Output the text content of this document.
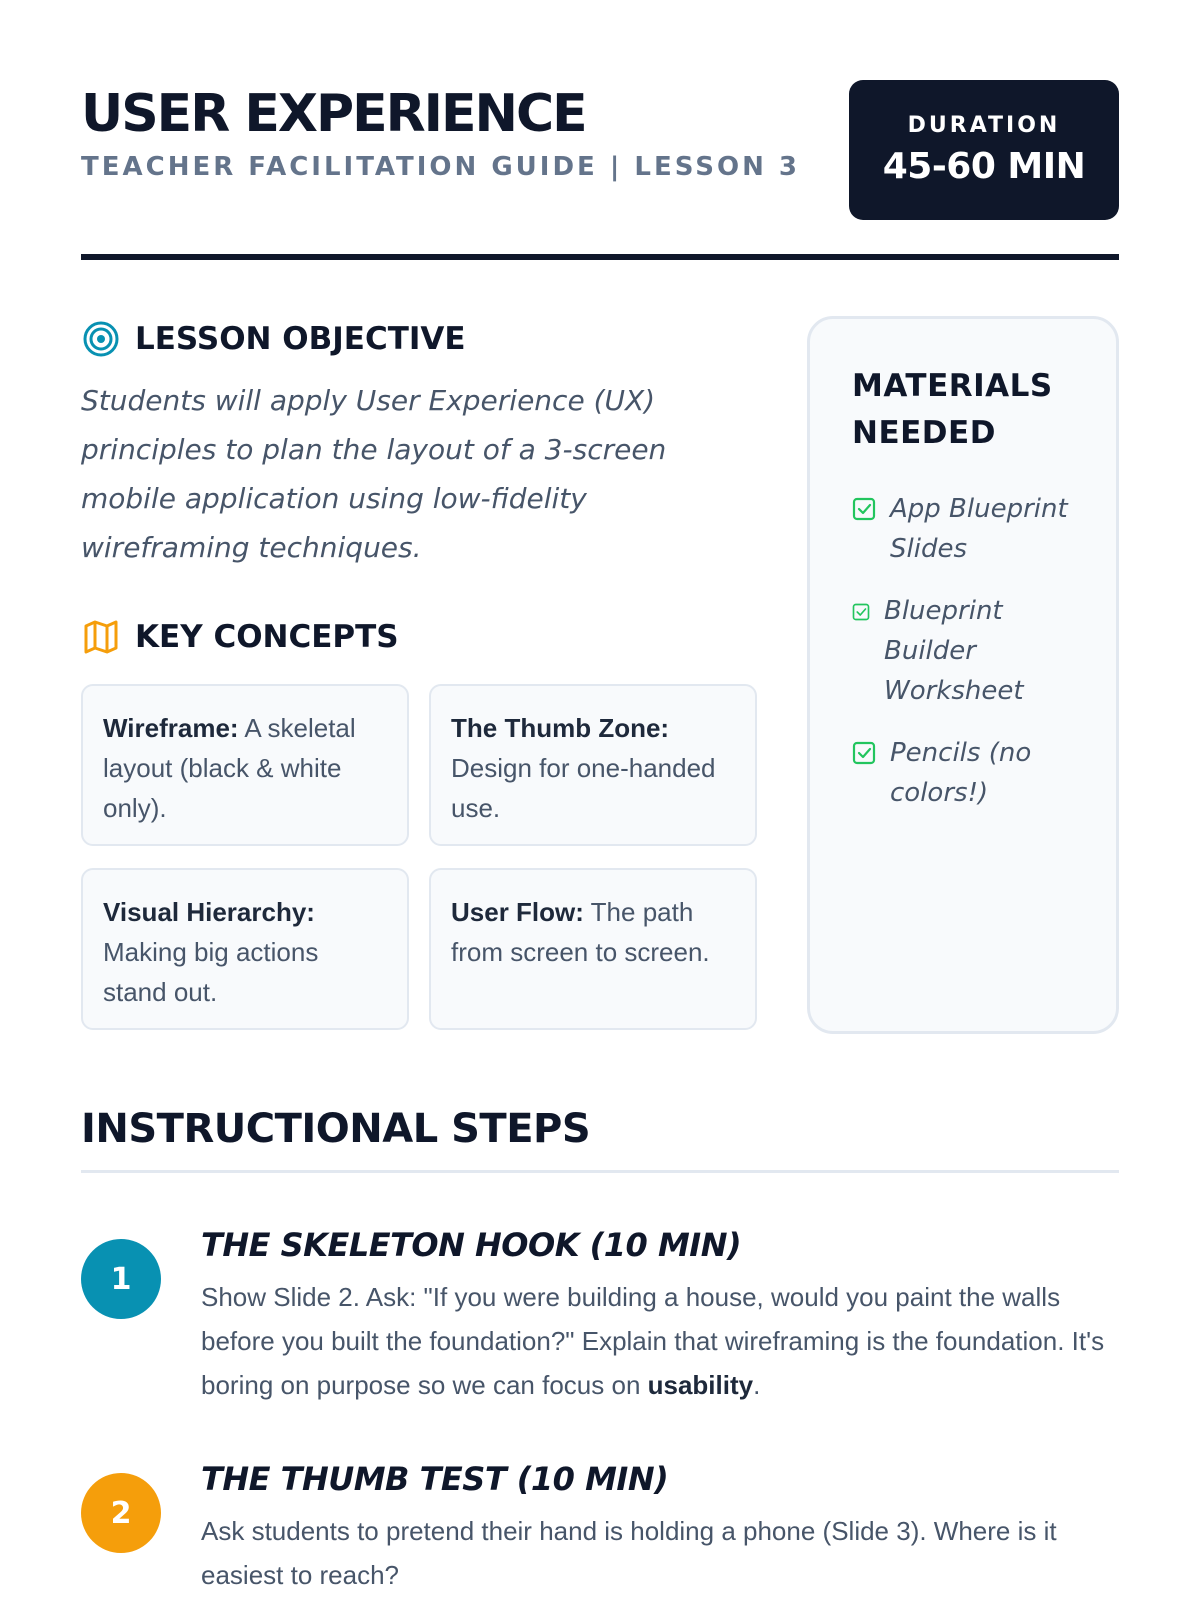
USER EXPERIENCE
TEACHER FACILITATION GUIDE | LESSON 3
DURATION
45-60 MIN
LESSON OBJECTIVE

Students will apply User Experience (UX) principles to plan the layout of a 3-screen mobile application using low-fidelity wireframing techniques.

KEY CONCEPTS
Wireframe: A skeletal layout (black & white only).
The Thumb Zone: Design for one-handed use.
Visual Hierarchy: Making big actions stand out.
User Flow: The path from screen to screen.
MATERIALS NEEDED
App Blueprint Slides
Blueprint Builder Worksheet
Pencils (no colors!)
INSTRUCTIONAL STEPS
1
THE SKELETON HOOK (10 MIN)

Show Slide 2. Ask: "If you were building a house, would you paint the walls before you built the foundation?" Explain that wireframing is the foundation. It's boring on purpose so we can focus on usability.

2
THE THUMB TEST (10 MIN)

Ask students to pretend their hand is holding a phone (Slide 3). Where is it easiest to reach?
